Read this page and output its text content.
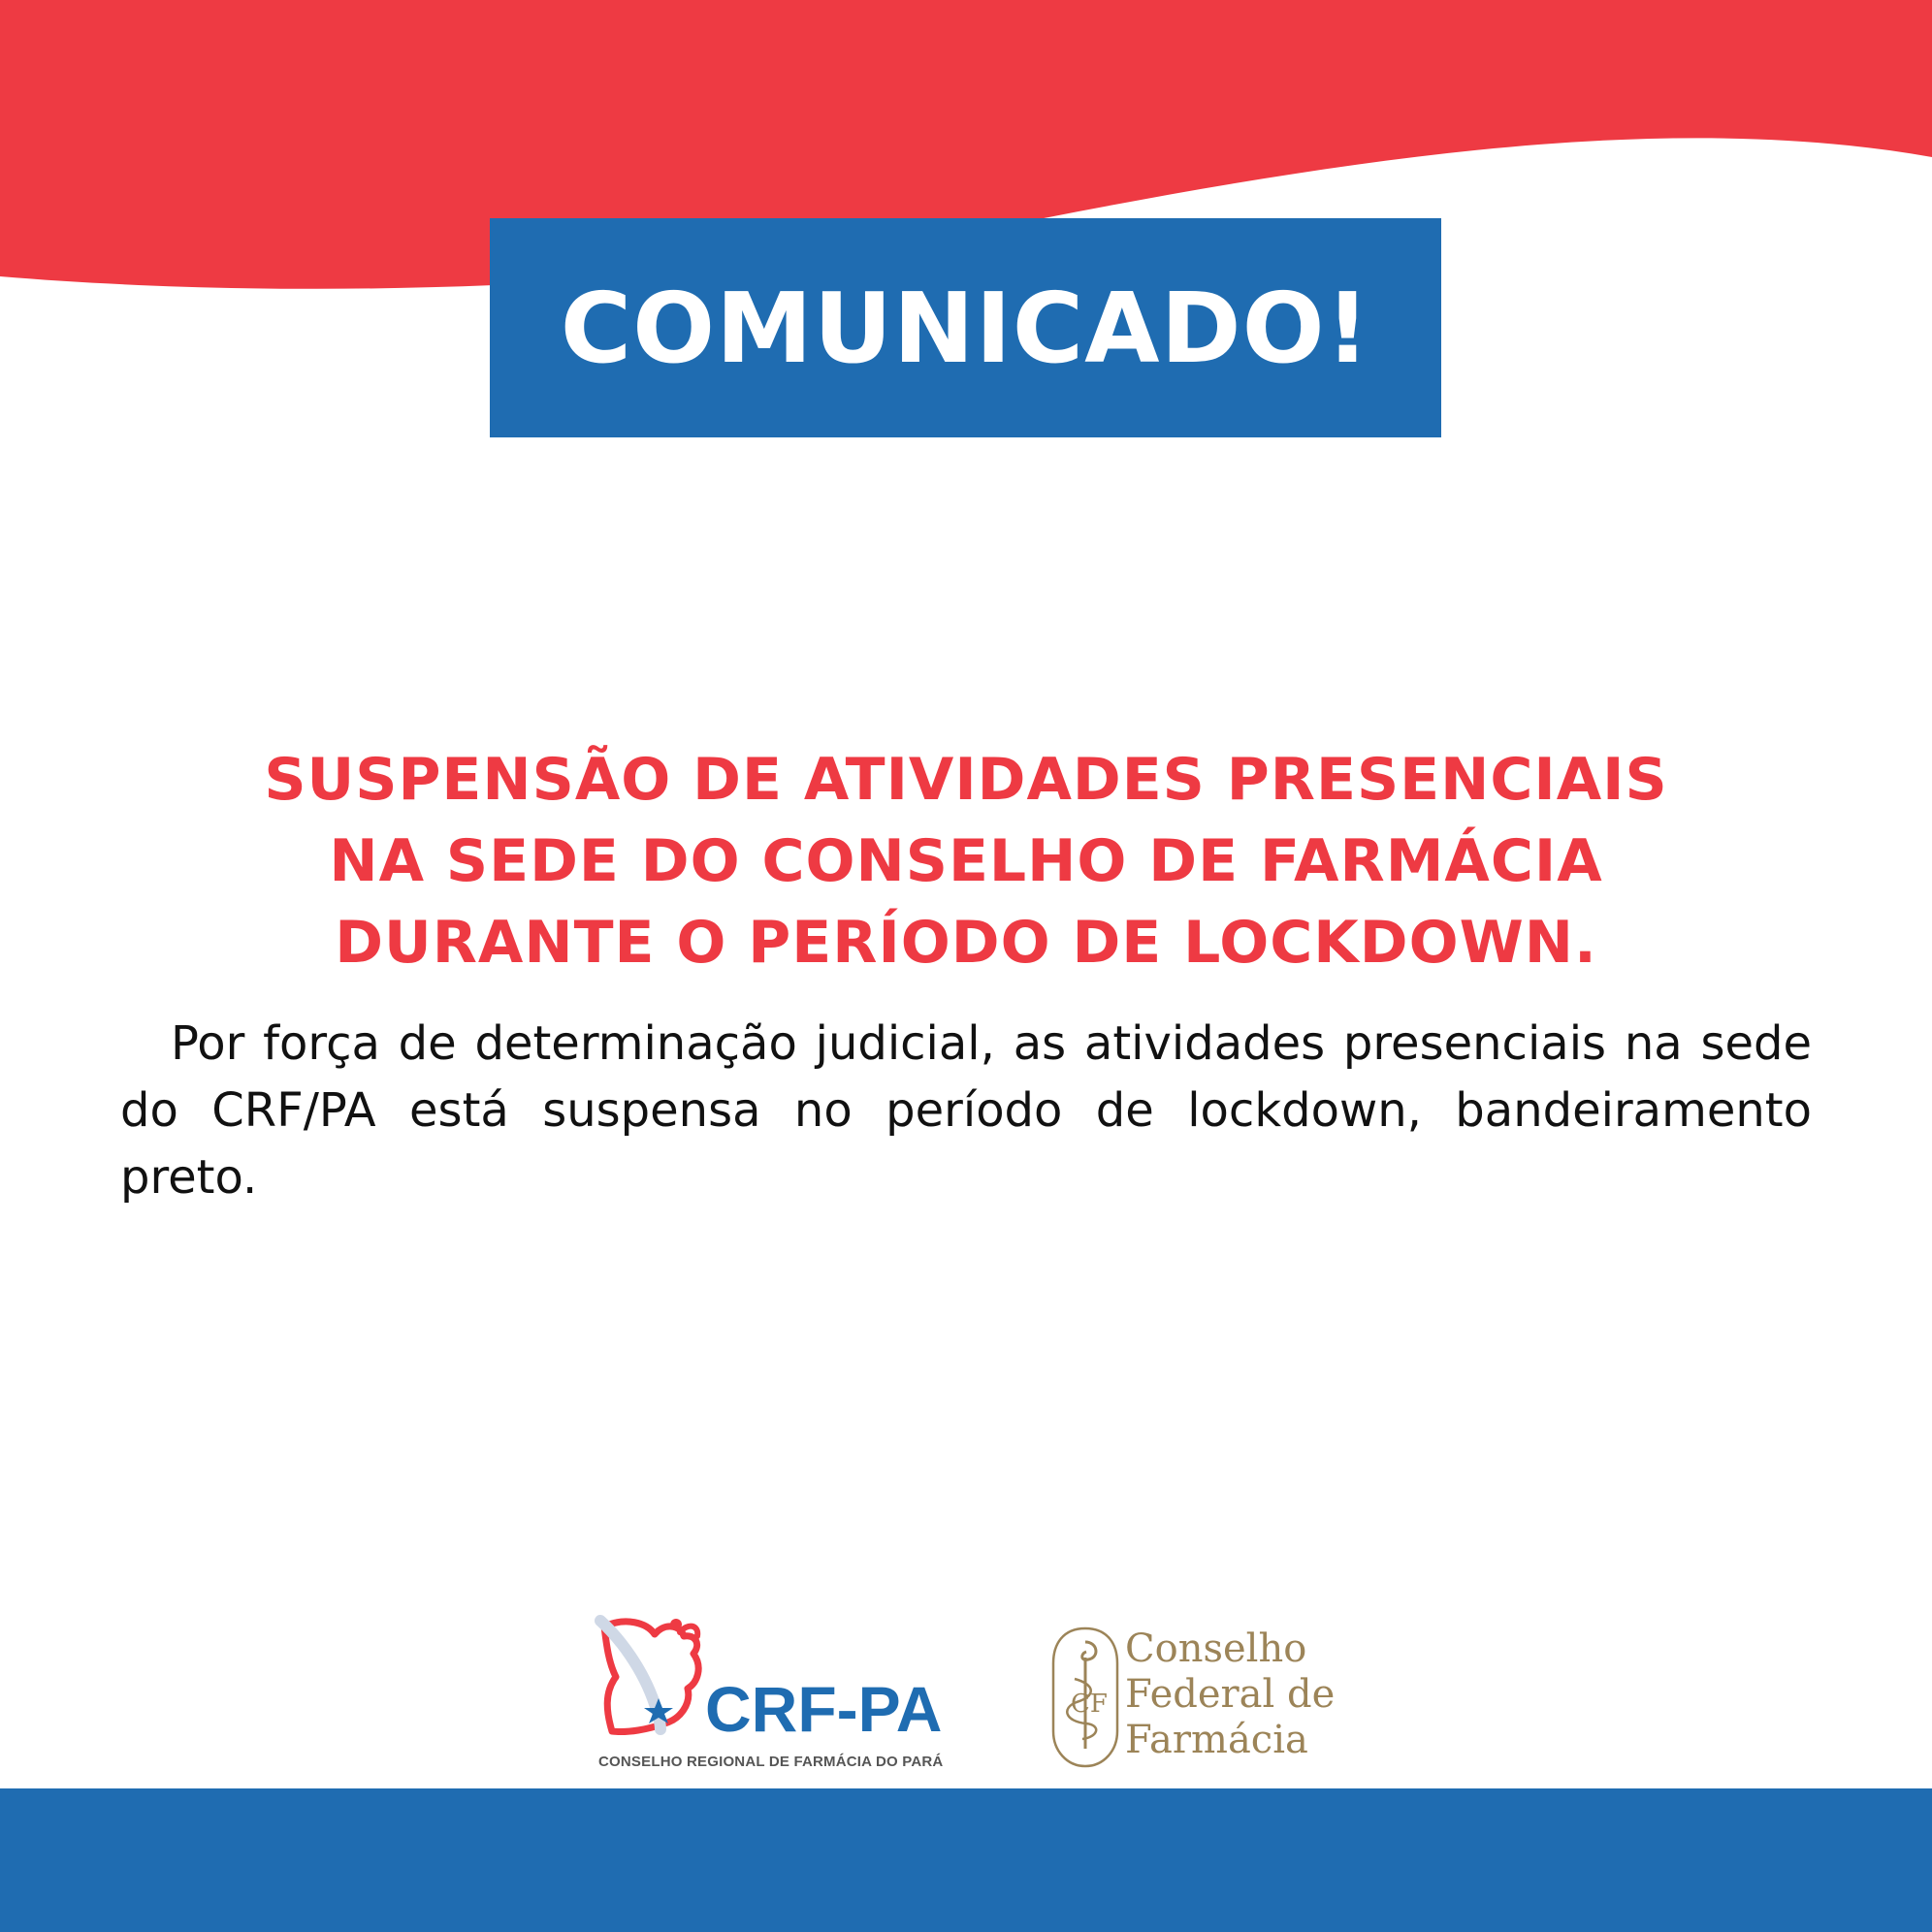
COMUNICADO!
SUSPENSÃO DE ATIVIDADES PRESENCIAIS
NA SEDE DO CONSELHO DE FARMÁCIA
DURANTE O PERÍODO DE LOCKDOWN.
Por força de determinação judicial, as atividades presenciais na sede do CRF/PA está suspensa no período de lockdown, bandeiramento preto.
CRF-PA
CONSELHO REGIONAL DE FARMÁCIA DO PARÁ
CF
Conselho
Federal de
Farmácia
